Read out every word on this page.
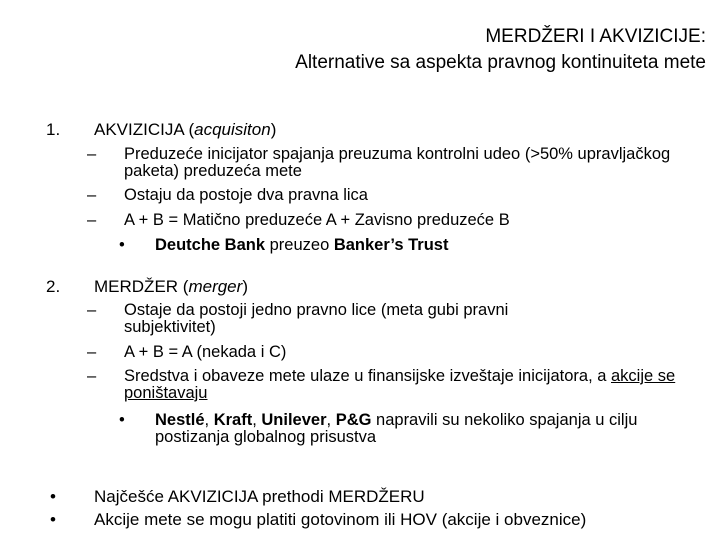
MERDŽERI I AKVIZICIJE:
Alternative sa aspekta pravnog kontinuiteta mete
1. AKVIZICIJA (acquisiton)
– Preduzeće inicijator spajanja preuzuma kontrolni udeo (>50% upravljačkog paketa) preduzeća mete
– Ostaju da postoje dva pravna lica
– A + B = Matično preduzeće A + Zavisno preduzeće B
• Deutche Bank preuzeo Banker’s Trust
2. MERDŽER (merger)
– Ostaje da postoji jedno pravno lice (meta gubi pravni subjektivitet)
– A + B = A (nekada i C)
– Sredstva i obaveze mete ulaze u finansijske izveštaje inicijatora, a akcije se poništavaju
• Nestlé, Kraft, Unilever, P&G napravili su nekoliko spajanja u cilju postizanja globalnog prisustva
• Najčešće AKVIZICIJA prethodi MERDŽERU
• Akcije mete se mogu platiti gotovinom ili HOV (akcije i obveznice)
